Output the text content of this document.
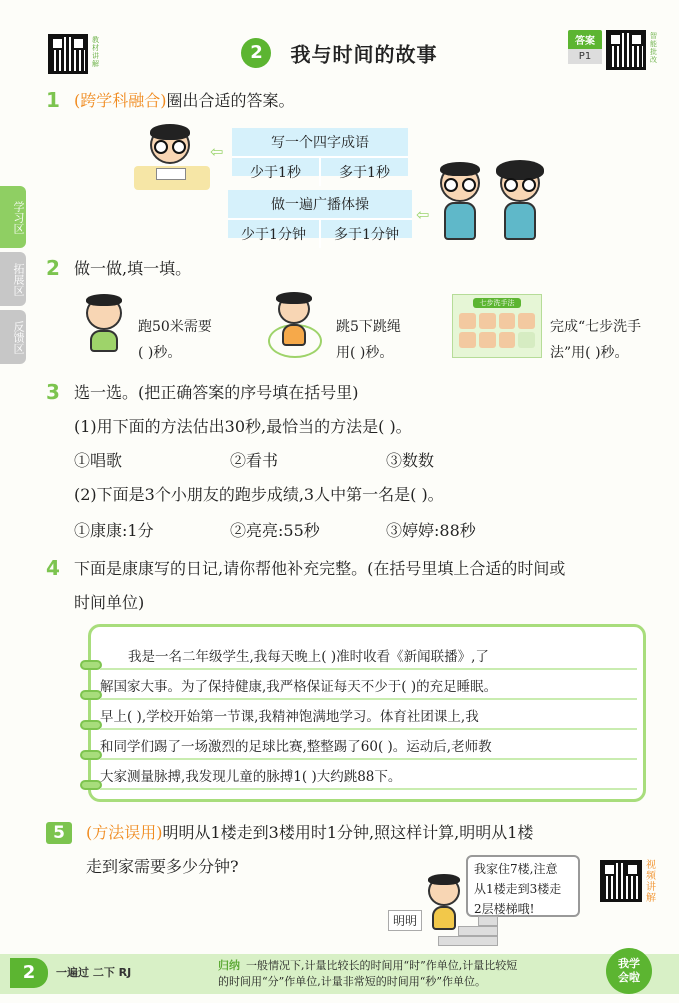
教材讲解
2 我与时间的故事
答案
P1
智能批改
学习区
拓展区
反馈区
1 (跨学科融合)圈出合适的答案。
⇦	写一个四字成语
少于1秒	多于1秒
做一遍广播体操
少于1分钟	多于1分钟
⇦
2 做一做,填一填。
跑50米需要
( )秒。
跳5下跳绳
用( )秒。
七步洗手法
完成“七步洗手
法”用( )秒。
3 选一选。(把正确答案的序号填在括号里)
(1)用下面的方法估出30秒,最恰当的方法是( )。
①唱歌	②看书	③数数
(2)下面是3个小朋友的跑步成绩,3人中第一名是( )。
①康康:1分	②亮亮:55秒	③婷婷:88秒
4 下面是康康写的日记,请你帮他补充完整。(在括号里填上合适的时间或
时间单位)
我是一名二年级学生,我每天晚上( )准时收看《新闻联播》,了
解国家大事。为了保持健康,我严格保证每天不少于( )的充足睡眠。
早上( ),学校开始第一节课,我精神饱满地学习。体育社团课上,我
和同学们踢了一场激烈的足球比赛,整整踢了60( )。运动后,老师教
大家测量脉搏,我发现儿童的脉搏1( )大约跳88下。
5	(方法误用)明明从1楼走到3楼用时1分钟,照这样计算,明明从1楼
走到家需要多少分钟?	我家住7楼,注意
从1楼走到3楼走
2层楼梯哦!
明明
视频讲解
2	一遍过 二下 RJ
归纳 一般情况下,计量比较长的时间用“时”作单位,计量比较短
的时间用“分”作单位,计量非常短的时间用“秒”作单位。
我学
会啦
